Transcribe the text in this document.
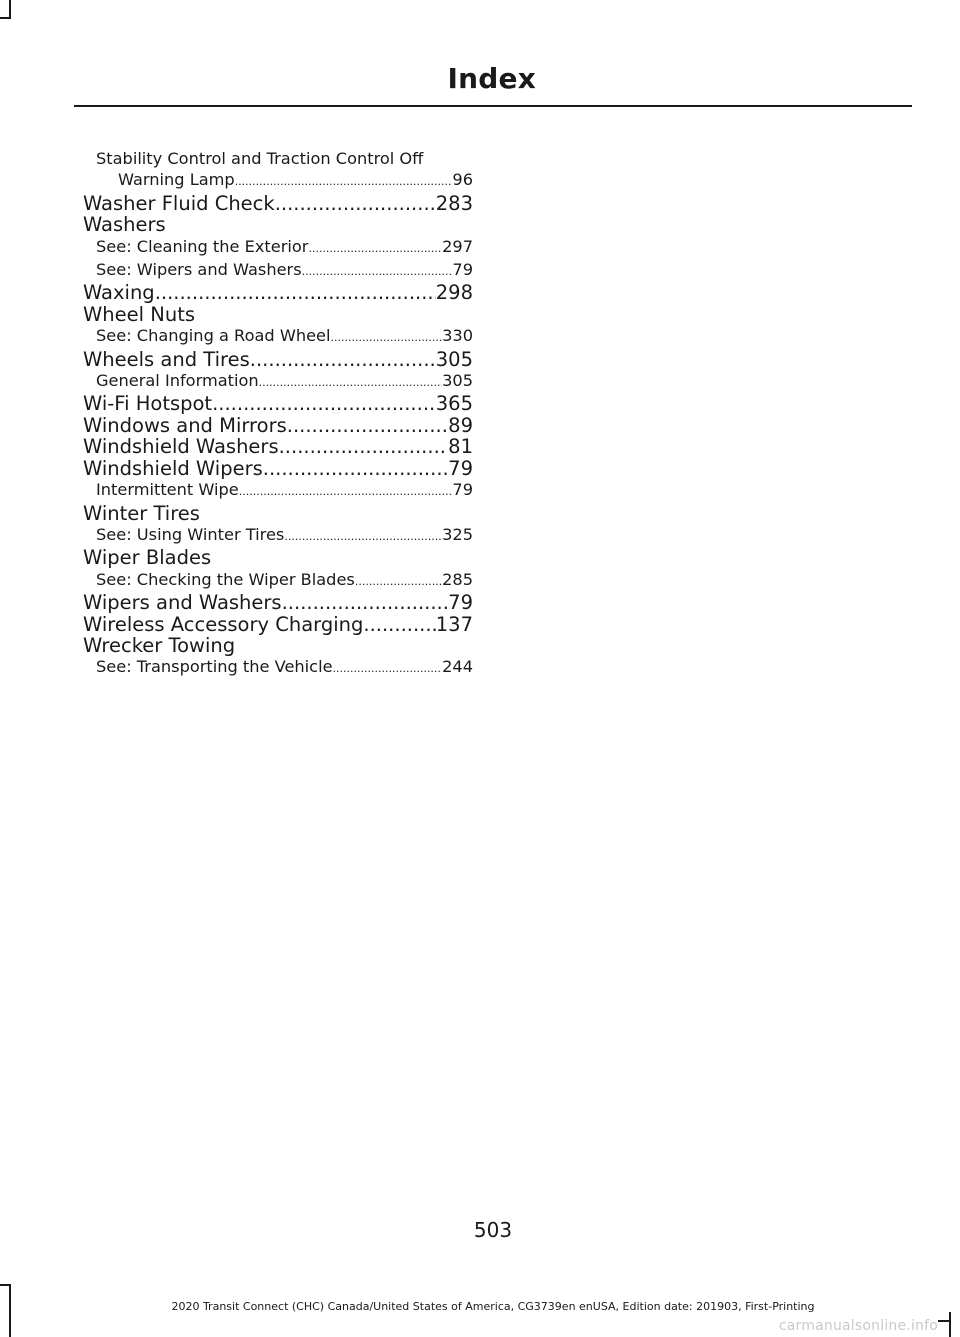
Index
Stability Control and Traction Control Off
Warning Lamp .....	96
Washer Fluid Check .....	283
Washers
See: Cleaning the Exterior .....	297
See: Wipers and Washers .....	79
Waxing .....	298
Wheel Nuts
See: Changing a Road Wheel .....	330
Wheels and Tires .....	305
General Information .....	305
Wi-Fi Hotspot .....	365
Windows and Mirrors .....	89
Windshield Washers .....	81
Windshield Wipers .....	79
Intermittent Wipe .....	79
Winter Tires
See: Using Winter Tires .....	325
Wiper Blades
See: Checking the Wiper Blades .....	285
Wipers and Washers .....	79
Wireless Accessory Charging .....	137
Wrecker Towing
See: Transporting the Vehicle .....	244
503
2020 Transit Connect (CHC) Canada/United States of America, CG3739en enUSA, Edition date: 201903, First-Printing
carmanualsonline.info
